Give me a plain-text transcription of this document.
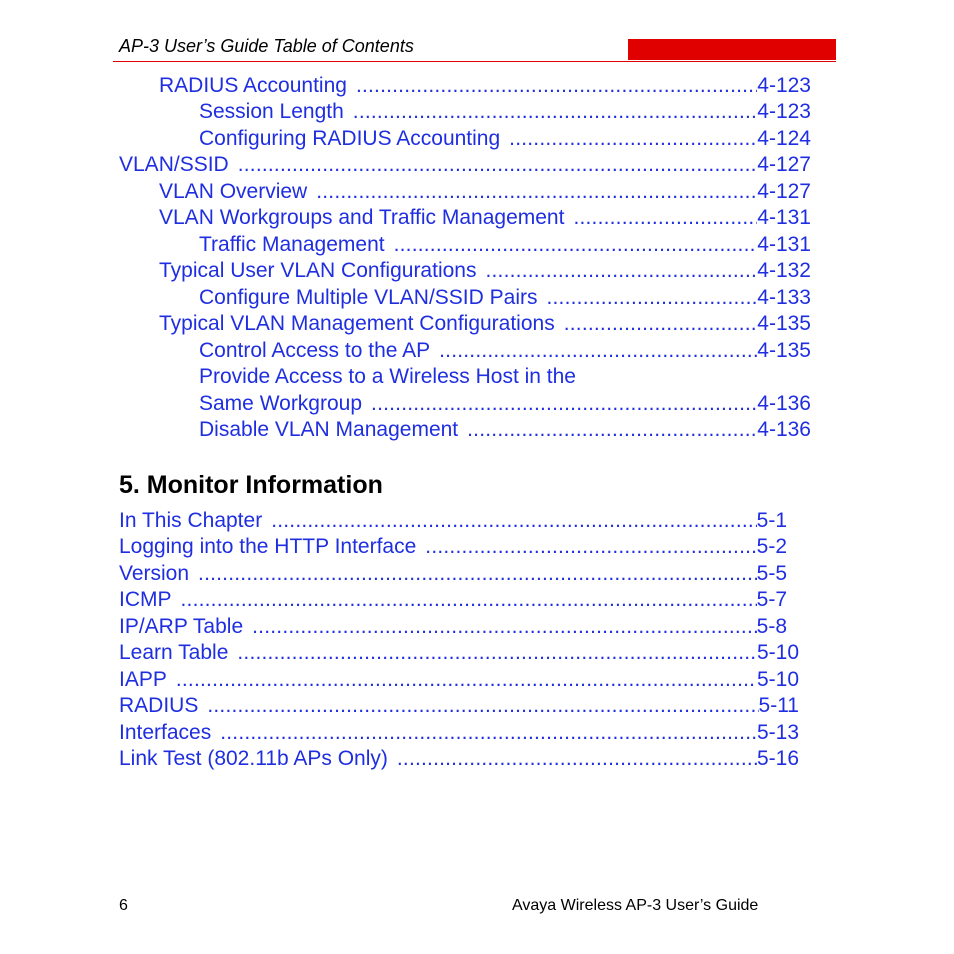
AP-3 User’s Guide Table of Contents
RADIUS Accounting .....	4-123
Session Length .....	4-123
Configuring RADIUS Accounting .....	4-124
VLAN/SSID .....	4-127
VLAN Overview .....	4-127
VLAN Workgroups and Traffic Management .....	4-131
Traffic Management .....	4-131
Typical User VLAN Configurations .....	4-132
Configure Multiple VLAN/SSID Pairs .....	4-133
Typical VLAN Management Configurations .....	4-135
Control Access to the AP .....	4-135
Provide Access to a Wireless Host in the
Same Workgroup .....	4-136
Disable VLAN Management .....	4-136
5. Monitor Information
In This Chapter .....	5-1
Logging into the HTTP Interface .....	5-2
Version .....	5-5
ICMP .....	5-7
IP/ARP Table .....	5-8
Learn Table .....	5-10
IAPP .....	5-10
RADIUS .....	5-11
Interfaces .....	5-13
Link Test (802.11b APs Only) .....	5-16
6	Avaya Wireless AP-3 User’s Guide
